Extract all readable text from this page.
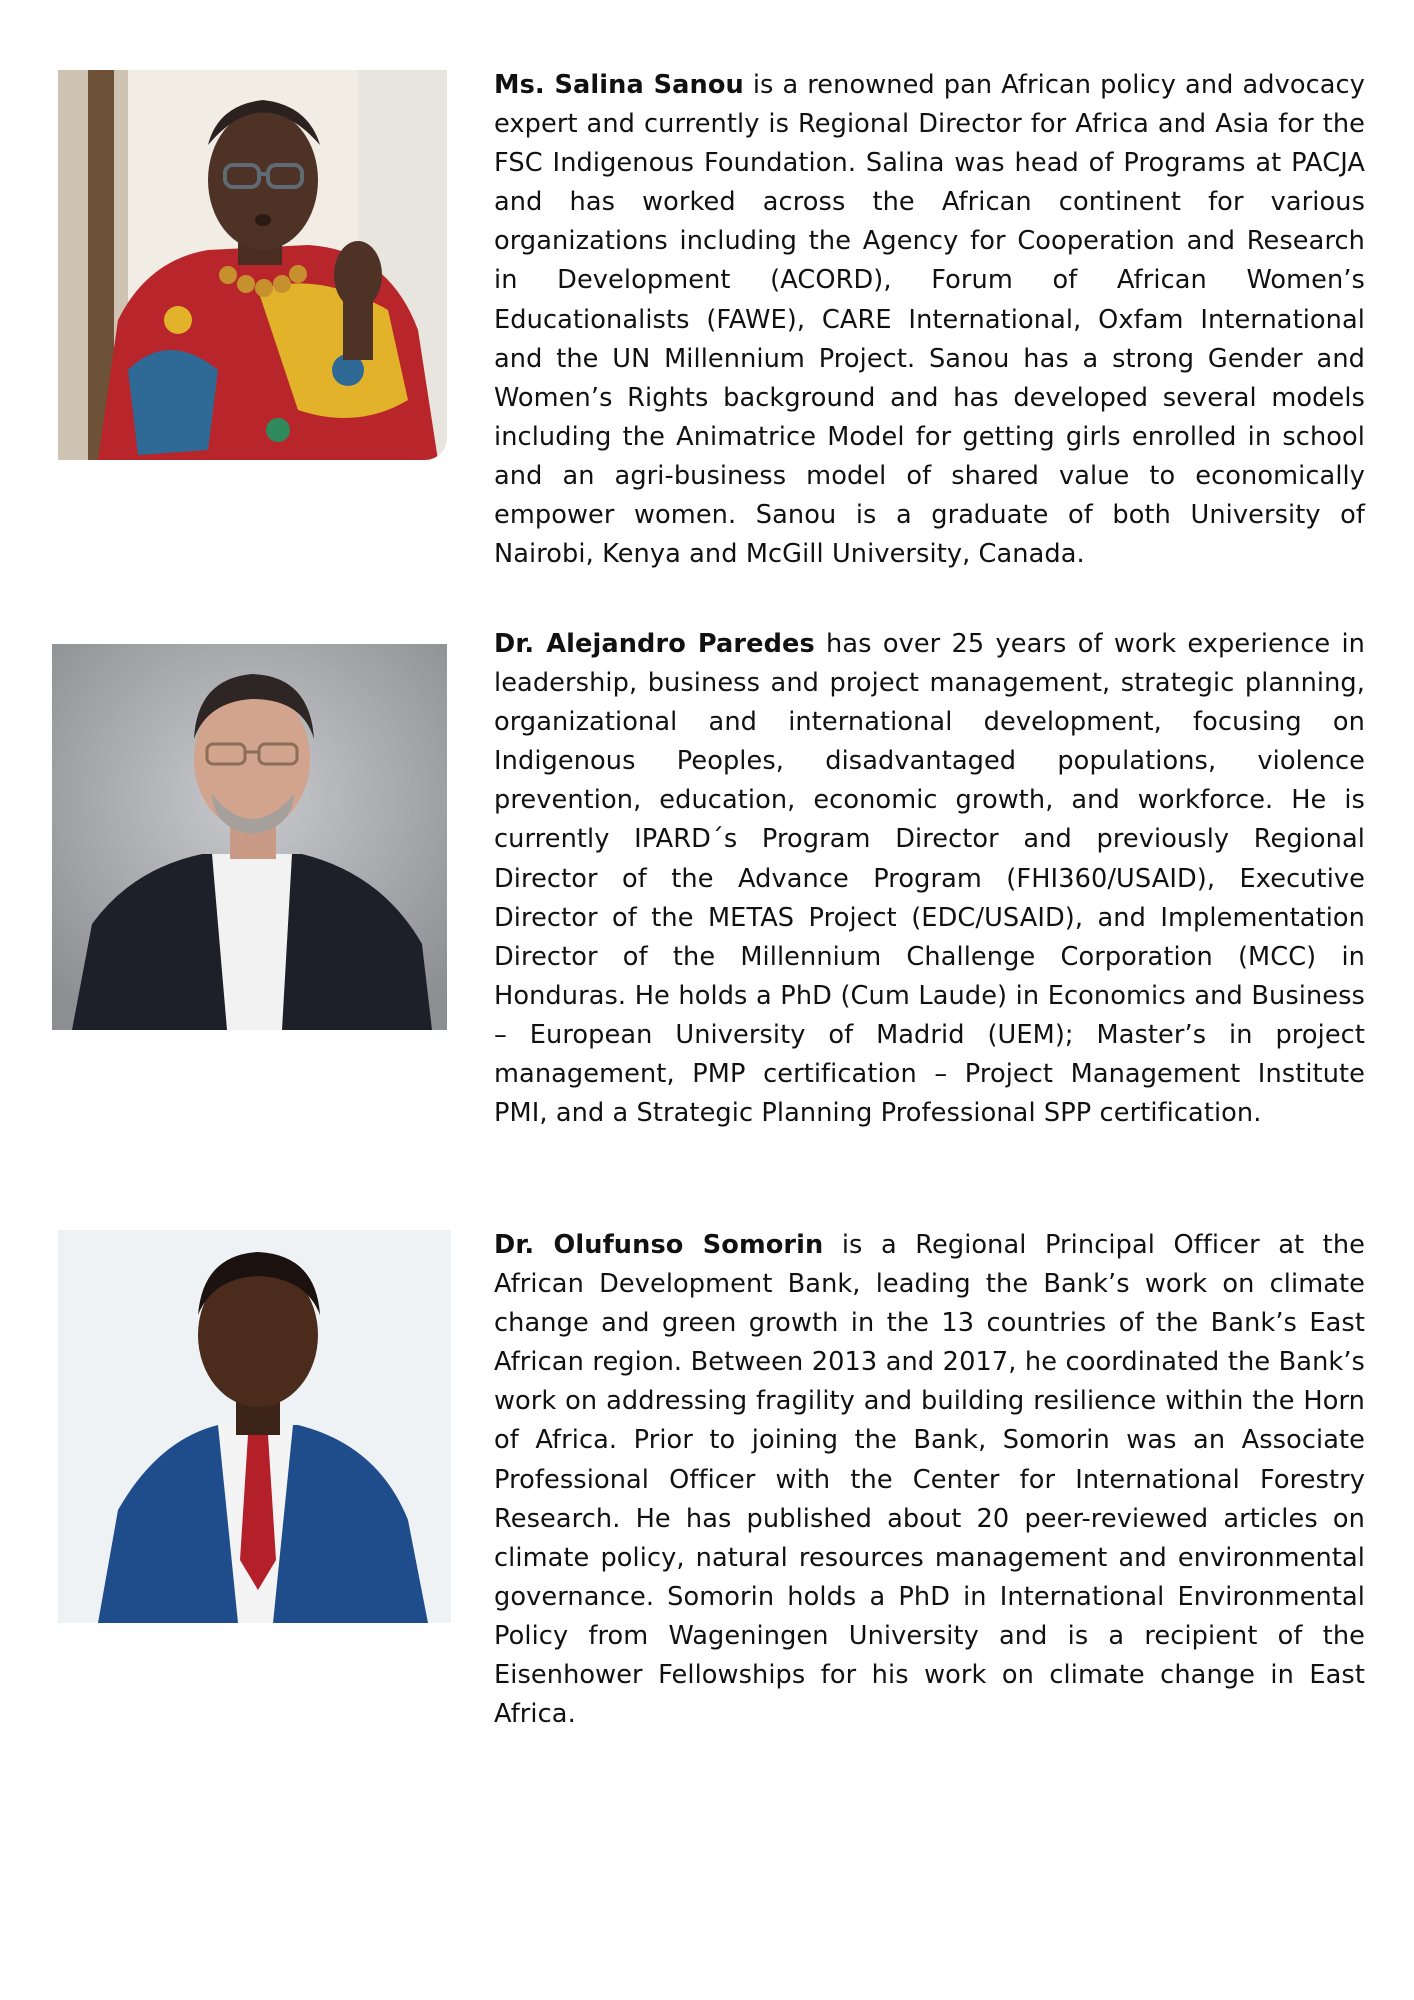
Ms. Salina Sanou is a renowned pan African policy and advocacy expert and currently is Regional Director for Africa and Asia for the FSC Indigenous Foundation. Salina was head of Programs at PACJA and has worked across the African continent for various organizations including the Agency for Cooperation and Research in Development (ACORD), Forum of African Women’s Educationalists (FAWE), CARE International, Oxfam International and the UN Millennium Project. Sanou has a strong Gender and Women’s Rights background and has developed several models including the Animatrice Model for getting girls enrolled in school and an agri-business model of shared value to economically empower women. Sanou is a graduate of both University of Nairobi, Kenya and McGill University, Canada.

Dr. Alejandro Paredes has over 25 years of work experience in leadership, business and project management, strategic planning, organizational and international development, focusing on Indigenous Peoples, disadvantaged populations, violence prevention, education, economic growth, and workforce. He is currently IPARD´s Program Director and previously Regional Director of the Advance Program (FHI360/USAID), Executive Director of the METAS Project (EDC/USAID), and Implementation Director of the Millennium Challenge Corporation (MCC) in Honduras. He holds a PhD (Cum Laude) in Economics and Business – European University of Madrid (UEM); Master’s in project management, PMP certification – Project Management Institute PMI, and a Strategic Planning Professional SPP certification.

Dr. Olufunso Somorin is a Regional Principal Officer at the African Development Bank, leading the Bank’s work on climate change and green growth in the 13 countries of the Bank’s East African region. Between 2013 and 2017, he coordinated the Bank’s work on addressing fragility and building resilience within the Horn of Africa. Prior to joining the Bank, Somorin was an Associate Professional Officer with the Center for International Forestry Research. He has published about 20 peer-reviewed articles on climate policy, natural resources management and environmental governance. Somorin holds a PhD in International Environmental Policy from Wageningen University and is a recipient of the Eisenhower Fellowships for his work on climate change in East Africa.
